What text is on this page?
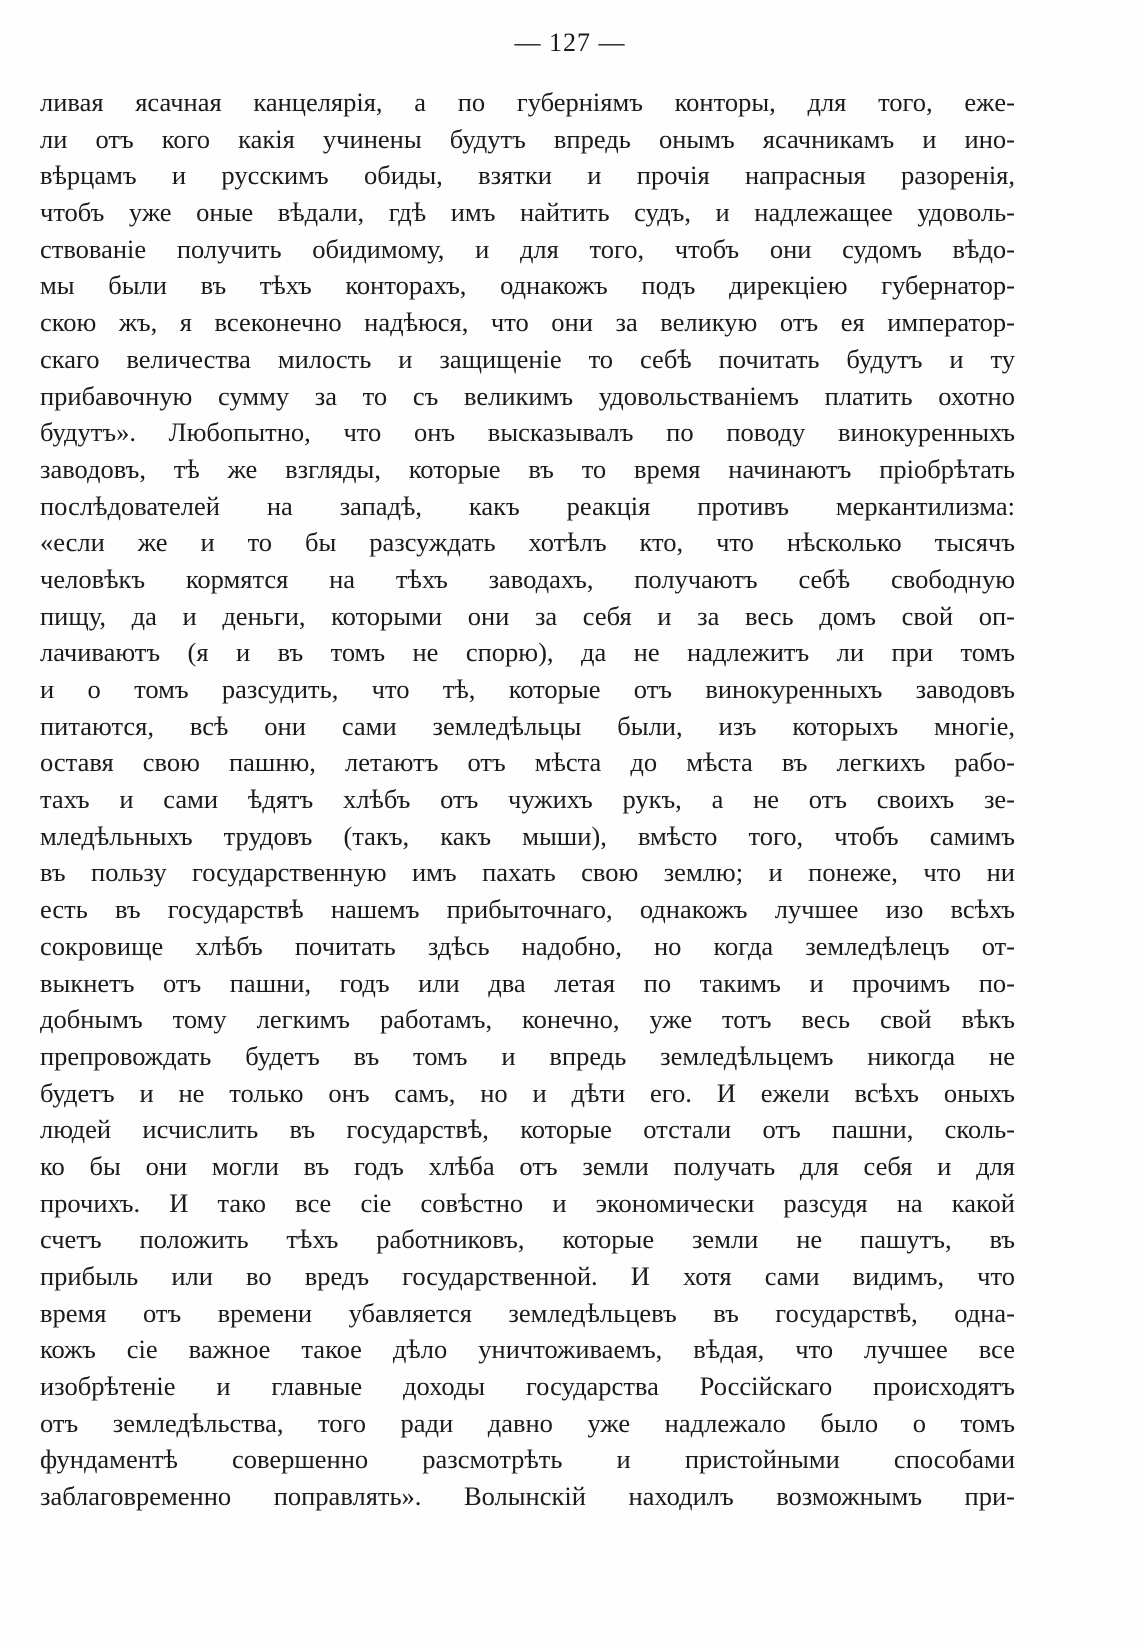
— 127 —
ливая ясачная канцелярія, а по губерніямъ конторы, для того, ежe-
ли отъ кого какія учинены будутъ впредь онымъ ясачникамъ и ино-
вѣрцамъ и русскимъ обиды, взятки и прочія напрасныя разоренія,
чтобъ уже оные вѣдали, гдѣ имъ найтить судъ, и надлежащее удоволь-
ствованіе получить обидимому, и для того, чтобъ они судомъ вѣдо-
мы были въ тѣхъ конторахъ, однакожъ подъ дирекціею губернатор-
скою жъ, я всеконечно надѣюся, что они за великую отъ ея император-
скаго величества милость и защищеніе то себѣ почитать будутъ и ту
прибавочную сумму за то съ великимъ удовольствaніемъ платить охотно
будутъ». Любопытно, что онъ высказывалъ по поводу винокуренныхъ
заводовъ, тѣ же взгляды, которые въ то время начинаютъ пріобрѣтать
послѣдователей на западѣ, какъ реакція противъ меркантилизма:
«если же и то бы разсуждать хотѣлъ кто, что нѣсколько тысячъ
человѣкъ кормятся на тѣхъ заводахъ, получаютъ себѣ свободную
пищу, да и деньги, которыми они за себя и за весь домъ свой оп-
лачиваютъ (я и въ томъ не спорю), да не надлежитъ ли при томъ
и о томъ разсудить, что тѣ, которые отъ винокуренныхъ заводовъ
питаются, всѣ они сами земледѣльцы были, изъ которыхъ многіе,
оставя свою пашню, летаютъ отъ мѣста до мѣста въ легкихъ рабо-
тахъ и сами ѣдятъ хлѣбъ отъ чужихъ рукъ, а не отъ своихъ зе-
мледѣльныхъ трудовъ (такъ, какъ мыши), вмѣсто того, чтобъ самимъ
въ пользу государственную имъ пахать свою землю; и понеже, что ни
есть въ государствѣ нашемъ прибыточнаго, однакожъ лучшее изо всѣхъ
сокровище хлѣбъ почитать здѣсь надобно, но когда земледѣлецъ от-
выкнетъ отъ пашни, годъ или два летая по такимъ и прочимъ по-
добнымъ тому легкимъ работамъ, конечно, уже тотъ весь свой вѣкъ
препровождать будетъ въ томъ и впредь земледѣльцемъ никогда не
будетъ и не только онъ самъ, но и дѣти его. И ежели всѣхъ оныхъ
людей исчислить въ государствѣ, которые отстали отъ пашни, сколь-
ко бы они могли въ годъ хлѣба отъ земли получать для себя и для
прочихъ. И тако все сіе совѣстно и экономически разсудя на какой
счетъ положить тѣхъ работниковъ, которые земли не пашутъ, въ
прибыль или во вредъ государственной. И хотя сами видимъ, что
время отъ времени убавляется земледѣльцевъ въ государствѣ, одна-
кожъ сіе важное такое дѣло уничтоживаемъ, вѣдая, что лучшее все
изобрѣтеніе и главные доходы государства Россійскаго происходятъ
отъ земледѣльства, того ради давно уже надлежало было о томъ
фундаментѣ совершенно разсмотрѣть и пристойными способами
заблаговременно поправлять». Волынскій находилъ возможнымъ при-
